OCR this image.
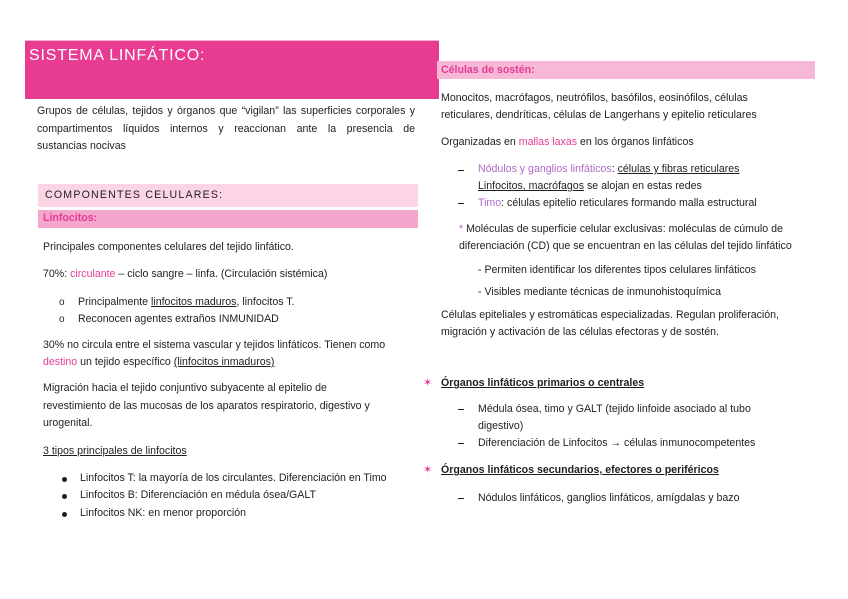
SISTEMA LINFÁTICO:
Grupos de células, tejidos y órganos que “vigilan” las superficies corporales y
compartimentos líquidos internos y reaccionan ante la presencia de
sustancias nocivas
COMPONENTES CELULARES:
Linfocitos:
Principales componentes celulares del tejido linfático.
70%: circulante – ciclo sangre – linfa. (Circulación sistémica)
o Principalmente linfocitos maduros, linfocitos T.
o Reconocen agentes extraños INMUNIDAD
30% no circula entre el sistema vascular y tejidos linfáticos. Tienen como
destino un tejido específico (linfocitos inmaduros)
Migración hacia el tejido conjuntivo subyacente al epitelio de
revestimiento de las mucosas de los aparatos respiratorio, digestivo y
urogenital.
3 tipos principales de linfocitos
Linfocitos T: la mayoría de los circulantes. Diferenciación en Timo
Linfocitos B: Diferenciación en médula ósea/GALT
Linfocitos NK: en menor proporción
Células de sostén:
Monocitos, macrófagos, neutrófilos, basófilos, eosinófilos, células
reticulares, dendríticas, células de Langerhans y epitelio reticulares
Organizadas en mallas laxas en los órganos linfáticos
Nódulos y ganglios linfáticos: células y fibras reticulares
Linfocitos, macrófagos se alojan en estas redes
Timo: células epitelio reticulares formando malla estructural
* Moléculas de superficie celular exclusivas: moléculas de cúmulo de
diferenciación (CD) que se encuentran en las células del tejido linfático
- Permiten identificar los diferentes tipos celulares linfáticos
- Visibles mediante técnicas de inmunohistoquímica
Células epiteliales y estromáticas especializadas. Regulan proliferación,
migración y activación de las células efectoras y de sostén.
✶ Órganos linfáticos primarios o centrales
Médula ósea, timo y GALT (tejido linfoide asociado al tubo
digestivo)
Diferenciación de Linfocitos → células inmunocompetentes
✶ Órganos linfáticos secundarios, efectores o periféricos
Nódulos linfáticos, ganglios linfáticos, amígdalas y bazo
